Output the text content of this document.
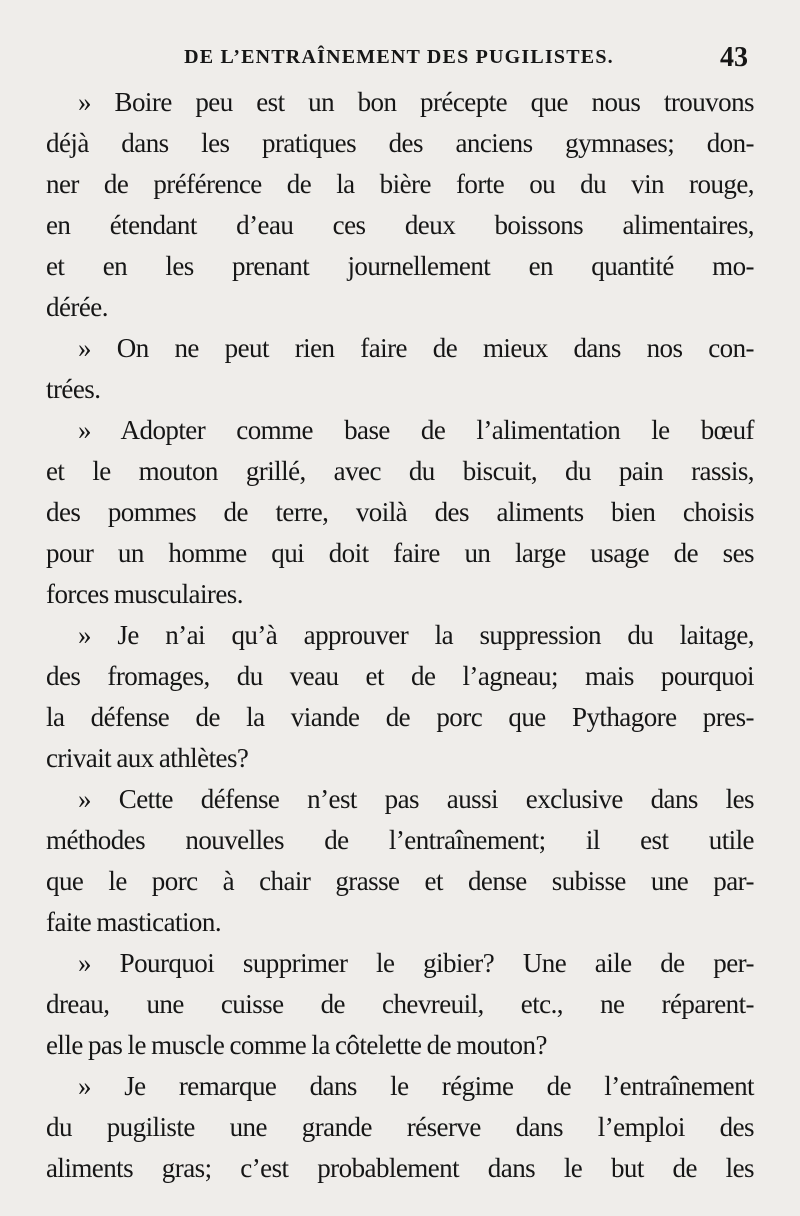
DE L’ENTRAÎNEMENT DES PUGILISTES.	43
» Boire peu est un bon précepte que nous trouvons
déjà dans les pratiques des anciens gymnases; don-
ner de préférence de la bière forte ou du vin rouge,
en étendant d’eau ces deux boissons alimentaires,
et en les prenant journellement en quantité mo-
dérée.
» On ne peut rien faire de mieux dans nos con-
trées.
» Adopter comme base de l’alimentation le bœuf
et le mouton grillé, avec du biscuit, du pain rassis,
des pommes de terre, voilà des aliments bien choisis
pour un homme qui doit faire un large usage de ses
forces musculaires.
» Je n’ai qu’à approuver la suppression du laitage,
des fromages, du veau et de l’agneau; mais pourquoi
la défense de la viande de porc que Pythagore pres-
crivait aux athlètes?
» Cette défense n’est pas aussi exclusive dans les
méthodes nouvelles de l’entraînement; il est utile
que le porc à chair grasse et dense subisse une par-
faite mastication.
» Pourquoi supprimer le gibier? Une aile de per-
dreau, une cuisse de chevreuil, etc., ne réparent-
elle pas le muscle comme la côtelette de mouton?
» Je remarque dans le régime de l’entraînement
du pugiliste une grande réserve dans l’emploi des
aliments gras; c’est probablement dans le but de les
